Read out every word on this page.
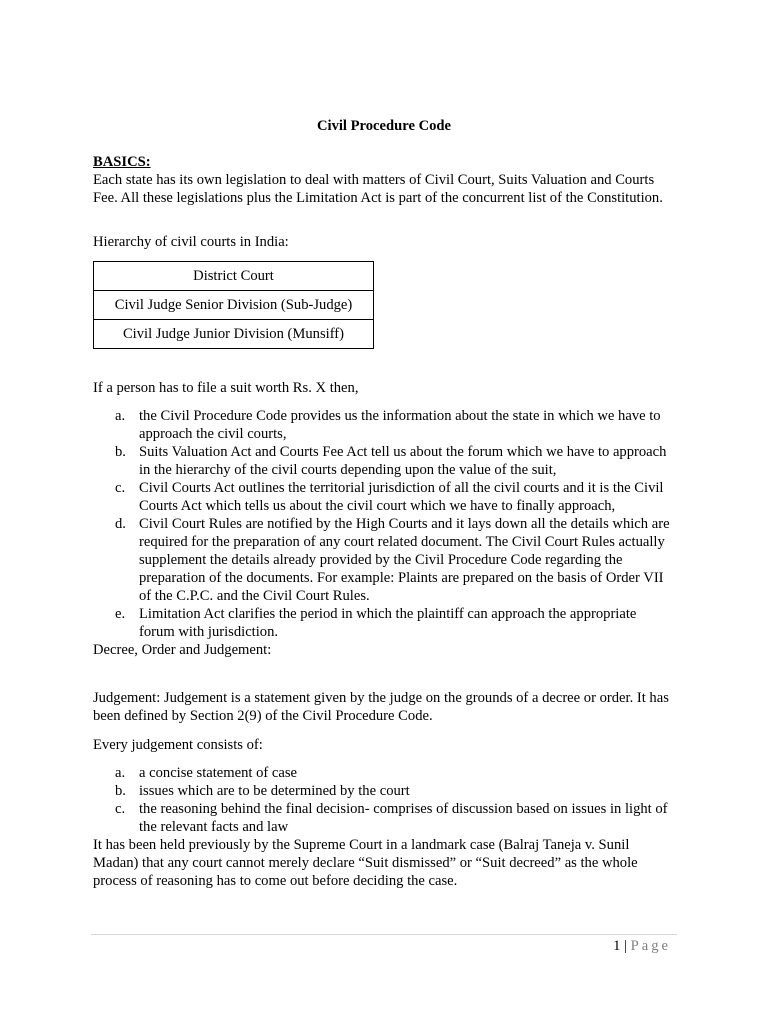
Civil Procedure Code
BASICS:

Each state has its own legislation to deal with matters of Civil Court, Suits Valuation and Courts Fee. All these legislations plus the Limitation Act is part of the concurrent list of the Constitution.

Hierarchy of civil courts in India:
District Court
Civil Judge Senior Division (Sub-Judge)
Civil Judge Junior Division (Munsiff)
If a person has to file a suit worth Rs. X then,
a. the Civil Procedure Code provides us the information about the state in which we have to approach the civil courts,
b. Suits Valuation Act and Courts Fee Act tell us about the forum which we have to approach in the hierarchy of the civil courts depending upon the value of the suit,
c. Civil Courts Act outlines the territorial jurisdiction of all the civil courts and it is the Civil Courts Act which tells us about the civil court which we have to finally approach,
d. Civil Court Rules are notified by the High Courts and it lays down all the details which are required for the preparation of any court related document. The Civil Court Rules actually supplement the details already provided by the Civil Procedure Code regarding the preparation of the documents. For example: Plaints are prepared on the basis of Order VII of the C.P.C. and the Civil Court Rules.
e. Limitation Act clarifies the period in which the plaintiff can approach the appropriate forum with jurisdiction.
Decree, Order and Judgement:
Judgement: Judgement is a statement given by the judge on the grounds of a decree or order. It has been defined by Section 2(9) of the Civil Procedure Code.
Every judgement consists of:
a. a concise statement of case
b. issues which are to be determined by the court
c. the reasoning behind the final decision- comprises of discussion based on issues in light of the relevant facts and law

It has been held previously by the Supreme Court in a landmark case (Balraj Taneja v. Sunil Madan) that any court cannot merely declare “Suit dismissed” or “Suit decreed” as the whole process of reasoning has to come out before deciding the case.

1 | Page
